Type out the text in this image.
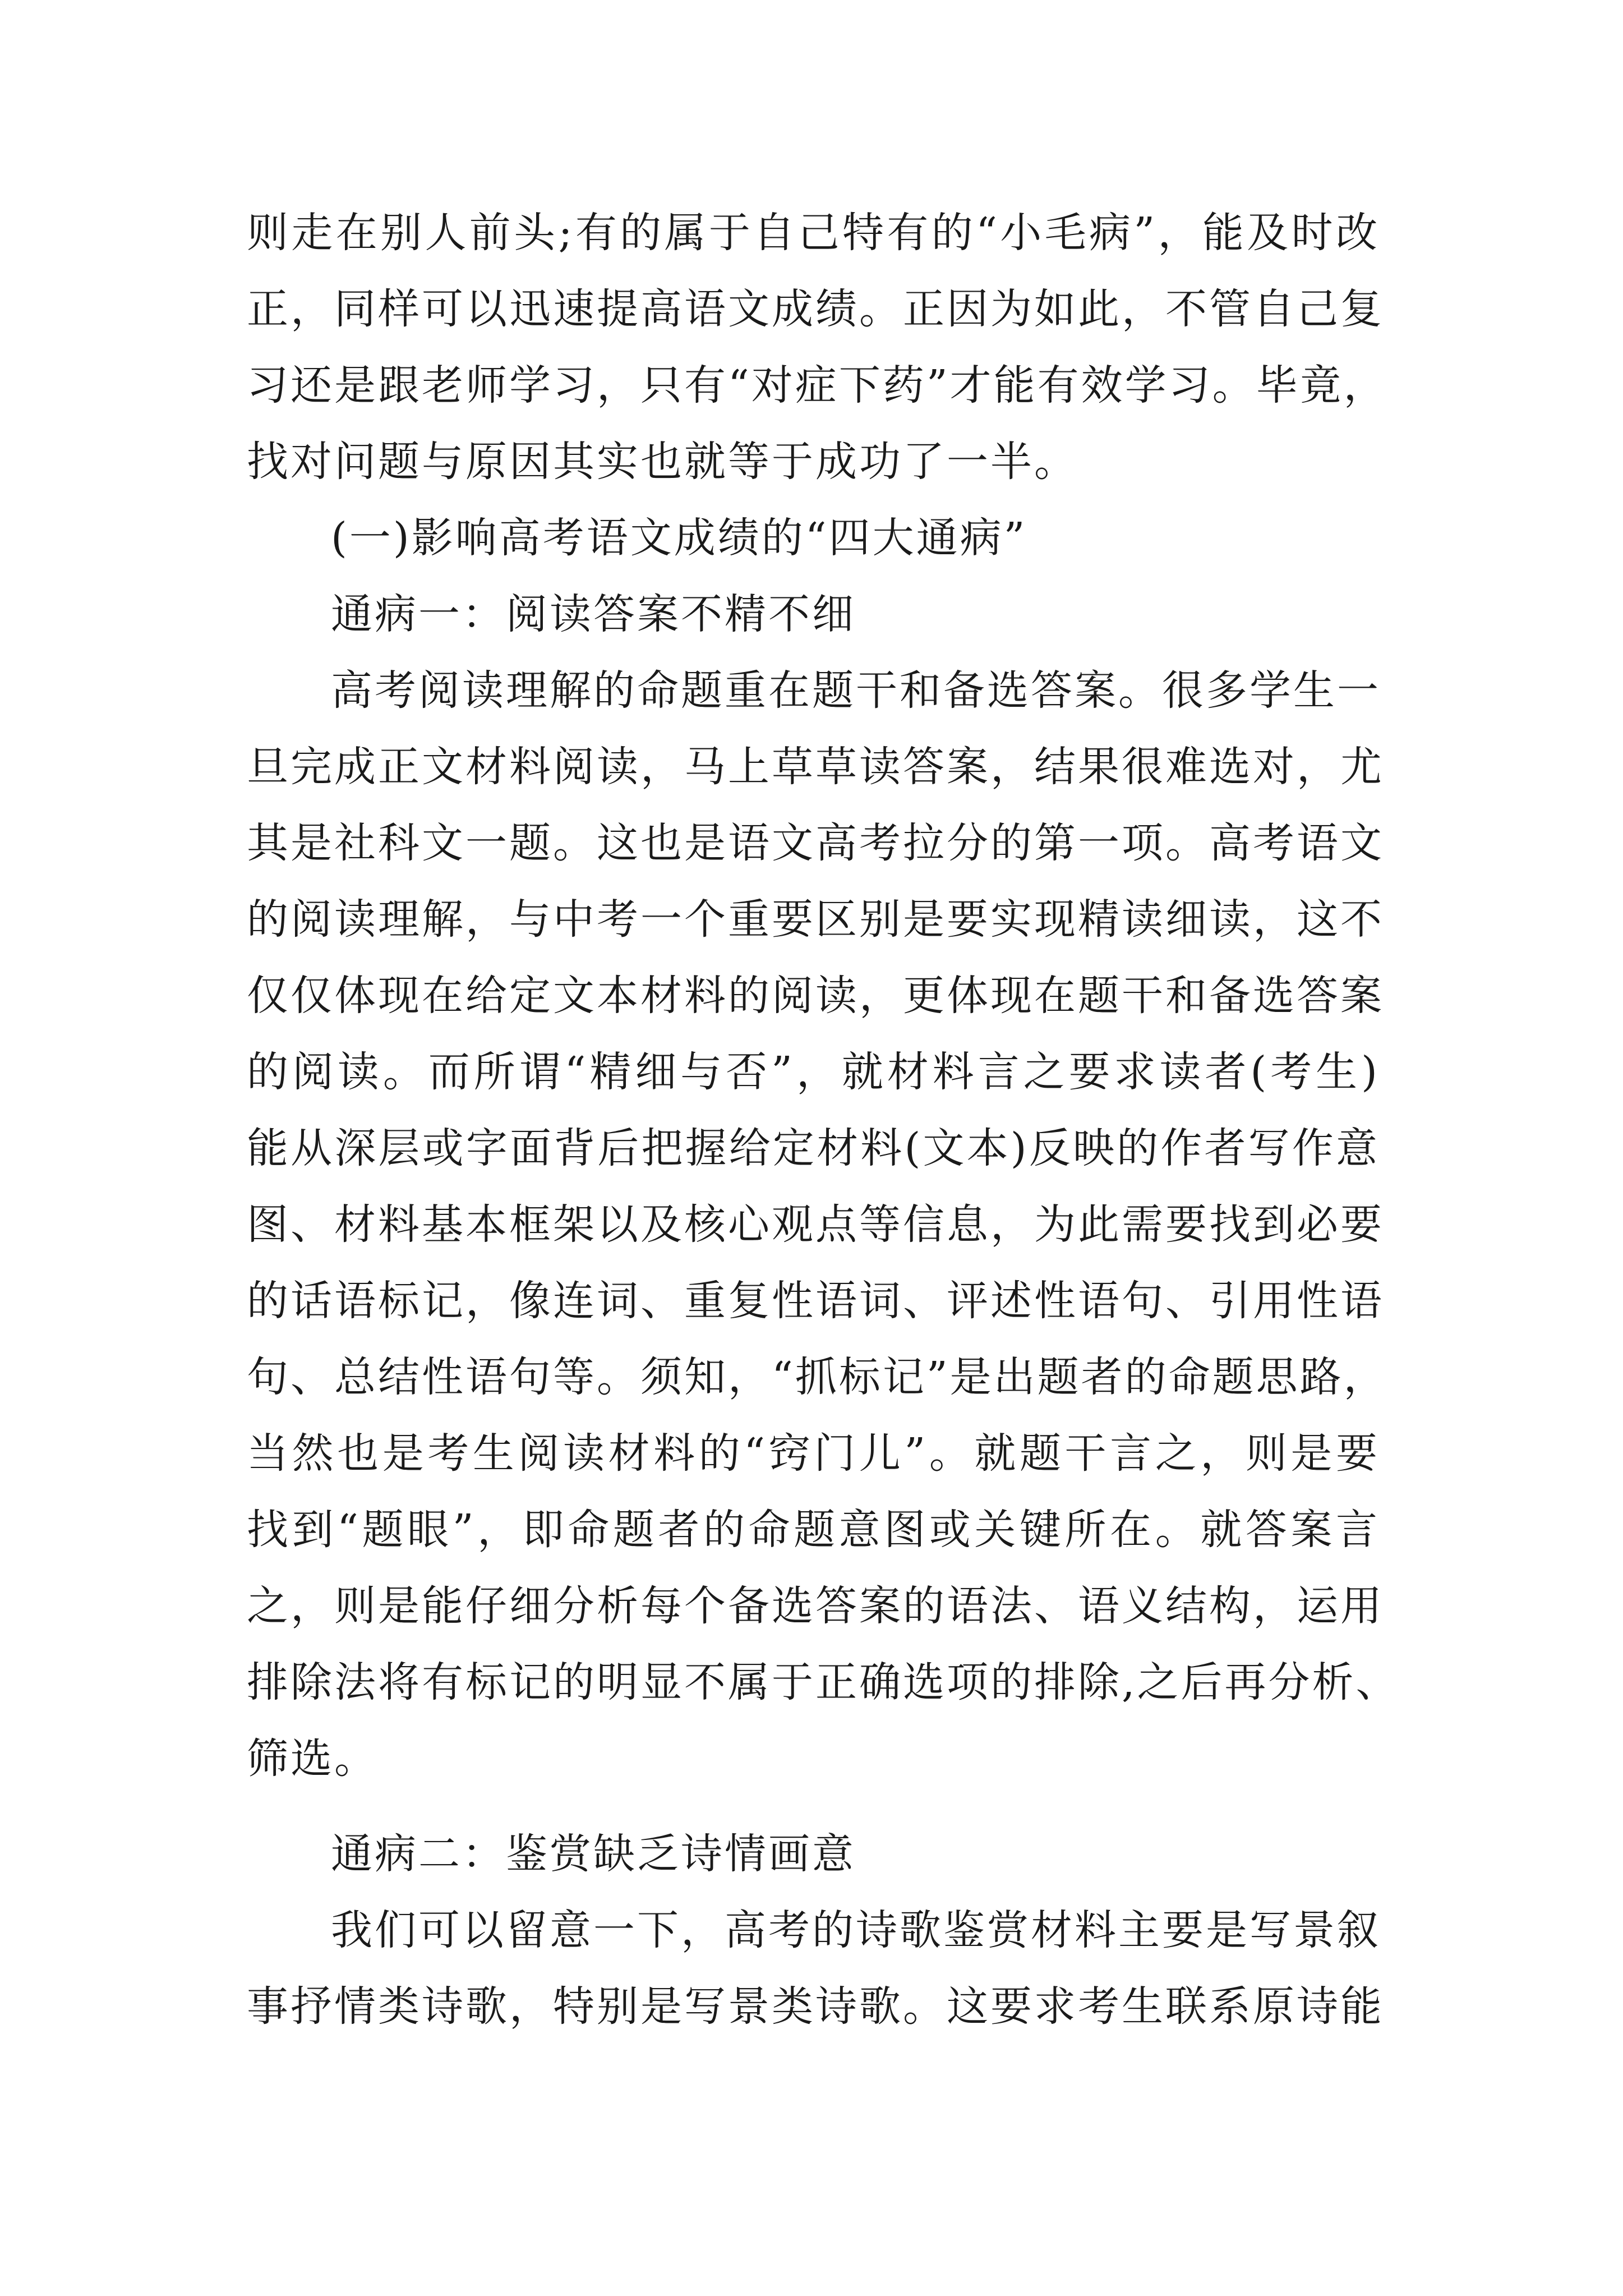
则走在别人前头;有的属于自己特有的“小毛病”，能及时改
正，同样可以迅速提高语文成绩。正因为如此，不管自己复
习还是跟老师学习，只有“对症下药”才能有效学习。毕竟，
找对问题与原因其实也就等于成功了一半。
(一)影响高考语文成绩的“四大通病”
通病一：阅读答案不精不细
高考阅读理解的命题重在题干和备选答案。很多学生一
旦完成正文材料阅读，马上草草读答案，结果很难选对，尤
其是社科文一题。这也是语文高考拉分的第一项。高考语文
的阅读理解，与中考一个重要区别是要实现精读细读，这不
仅仅体现在给定文本材料的阅读，更体现在题干和备选答案
的阅读。而所谓“精细与否”，就材料言之要求读者(考生)
能从深层或字面背后把握给定材料(文本)反映的作者写作意
图、材料基本框架以及核心观点等信息，为此需要找到必要
的话语标记，像连词、重复性语词、评述性语句、引用性语
句、总结性语句等。须知，“抓标记”是出题者的命题思路，
当然也是考生阅读材料的“窍门儿”。就题干言之，则是要
找到“题眼”，即命题者的命题意图或关键所在。就答案言
之，则是能仔细分析每个备选答案的语法、语义结构，运用
排除法将有标记的明显不属于正确选项的排除,之后再分析、
筛选。
通病二：鉴赏缺乏诗情画意
我们可以留意一下，高考的诗歌鉴赏材料主要是写景叙
事抒情类诗歌，特别是写景类诗歌。这要求考生联系原诗能
